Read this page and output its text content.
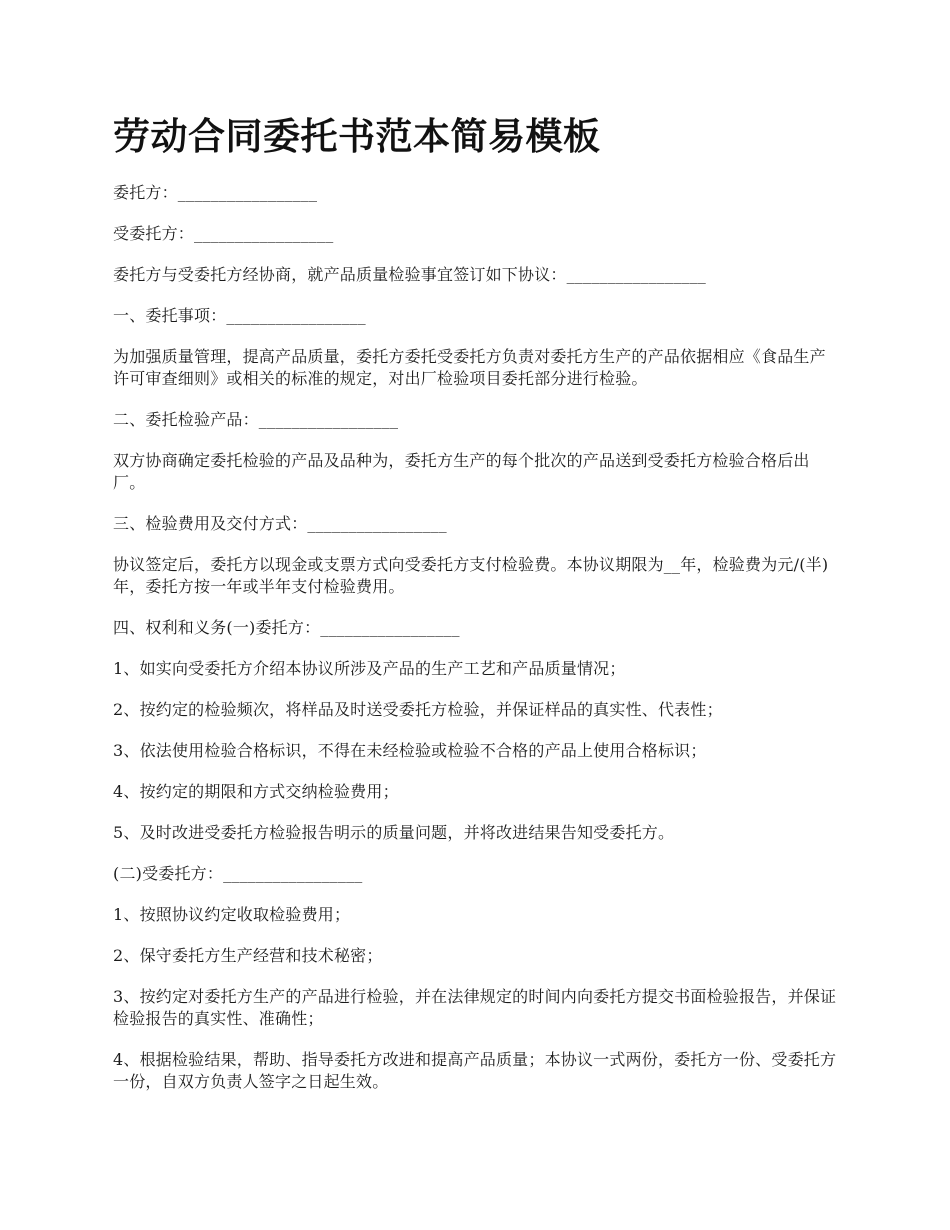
劳动合同委托书范本简易模板

委托方：_________________

受委托方：_________________

委托方与受委托方经协商，就产品质量检验事宜签订如下协议：_________________

一、委托事项：_________________

为加强质量管理，提高产品质量，委托方委托受委托方负责对委托方生产的产品依据相应《食品生产许可审查细则》或相关的标准的规定，对出厂检验项目委托部分进行检验。

二、委托检验产品：_________________

双方协商确定委托检验的产品及品种为，委托方生产的每个批次的产品送到受委托方检验合格后出厂。

三、检验费用及交付方式：_________________

协议签定后，委托方以现金或支票方式向受委托方支付检验费。本协议期限为__年，检验费为元/(半)年，委托方按一年或半年支付检验费用。

四、权利和义务(一)委托方：_________________

1、如实向受委托方介绍本协议所涉及产品的生产工艺和产品质量情况；

2、按约定的检验频次，将样品及时送受委托方检验，并保证样品的真实性、代表性；

3、依法使用检验合格标识，不得在未经检验或检验不合格的产品上使用合格标识；

4、按约定的期限和方式交纳检验费用；

5、及时改进受委托方检验报告明示的质量问题，并将改进结果告知受委托方。

(二)受委托方：_________________

1、按照协议约定收取检验费用；

2、保守委托方生产经营和技术秘密；

3、按约定对委托方生产的产品进行检验，并在法律规定的时间内向委托方提交书面检验报告，并保证检验报告的真实性、准确性；

4、根据检验结果，帮助、指导委托方改进和提高产品质量；本协议一式两份，委托方一份、受委托方一份，自双方负责人签字之日起生效。
